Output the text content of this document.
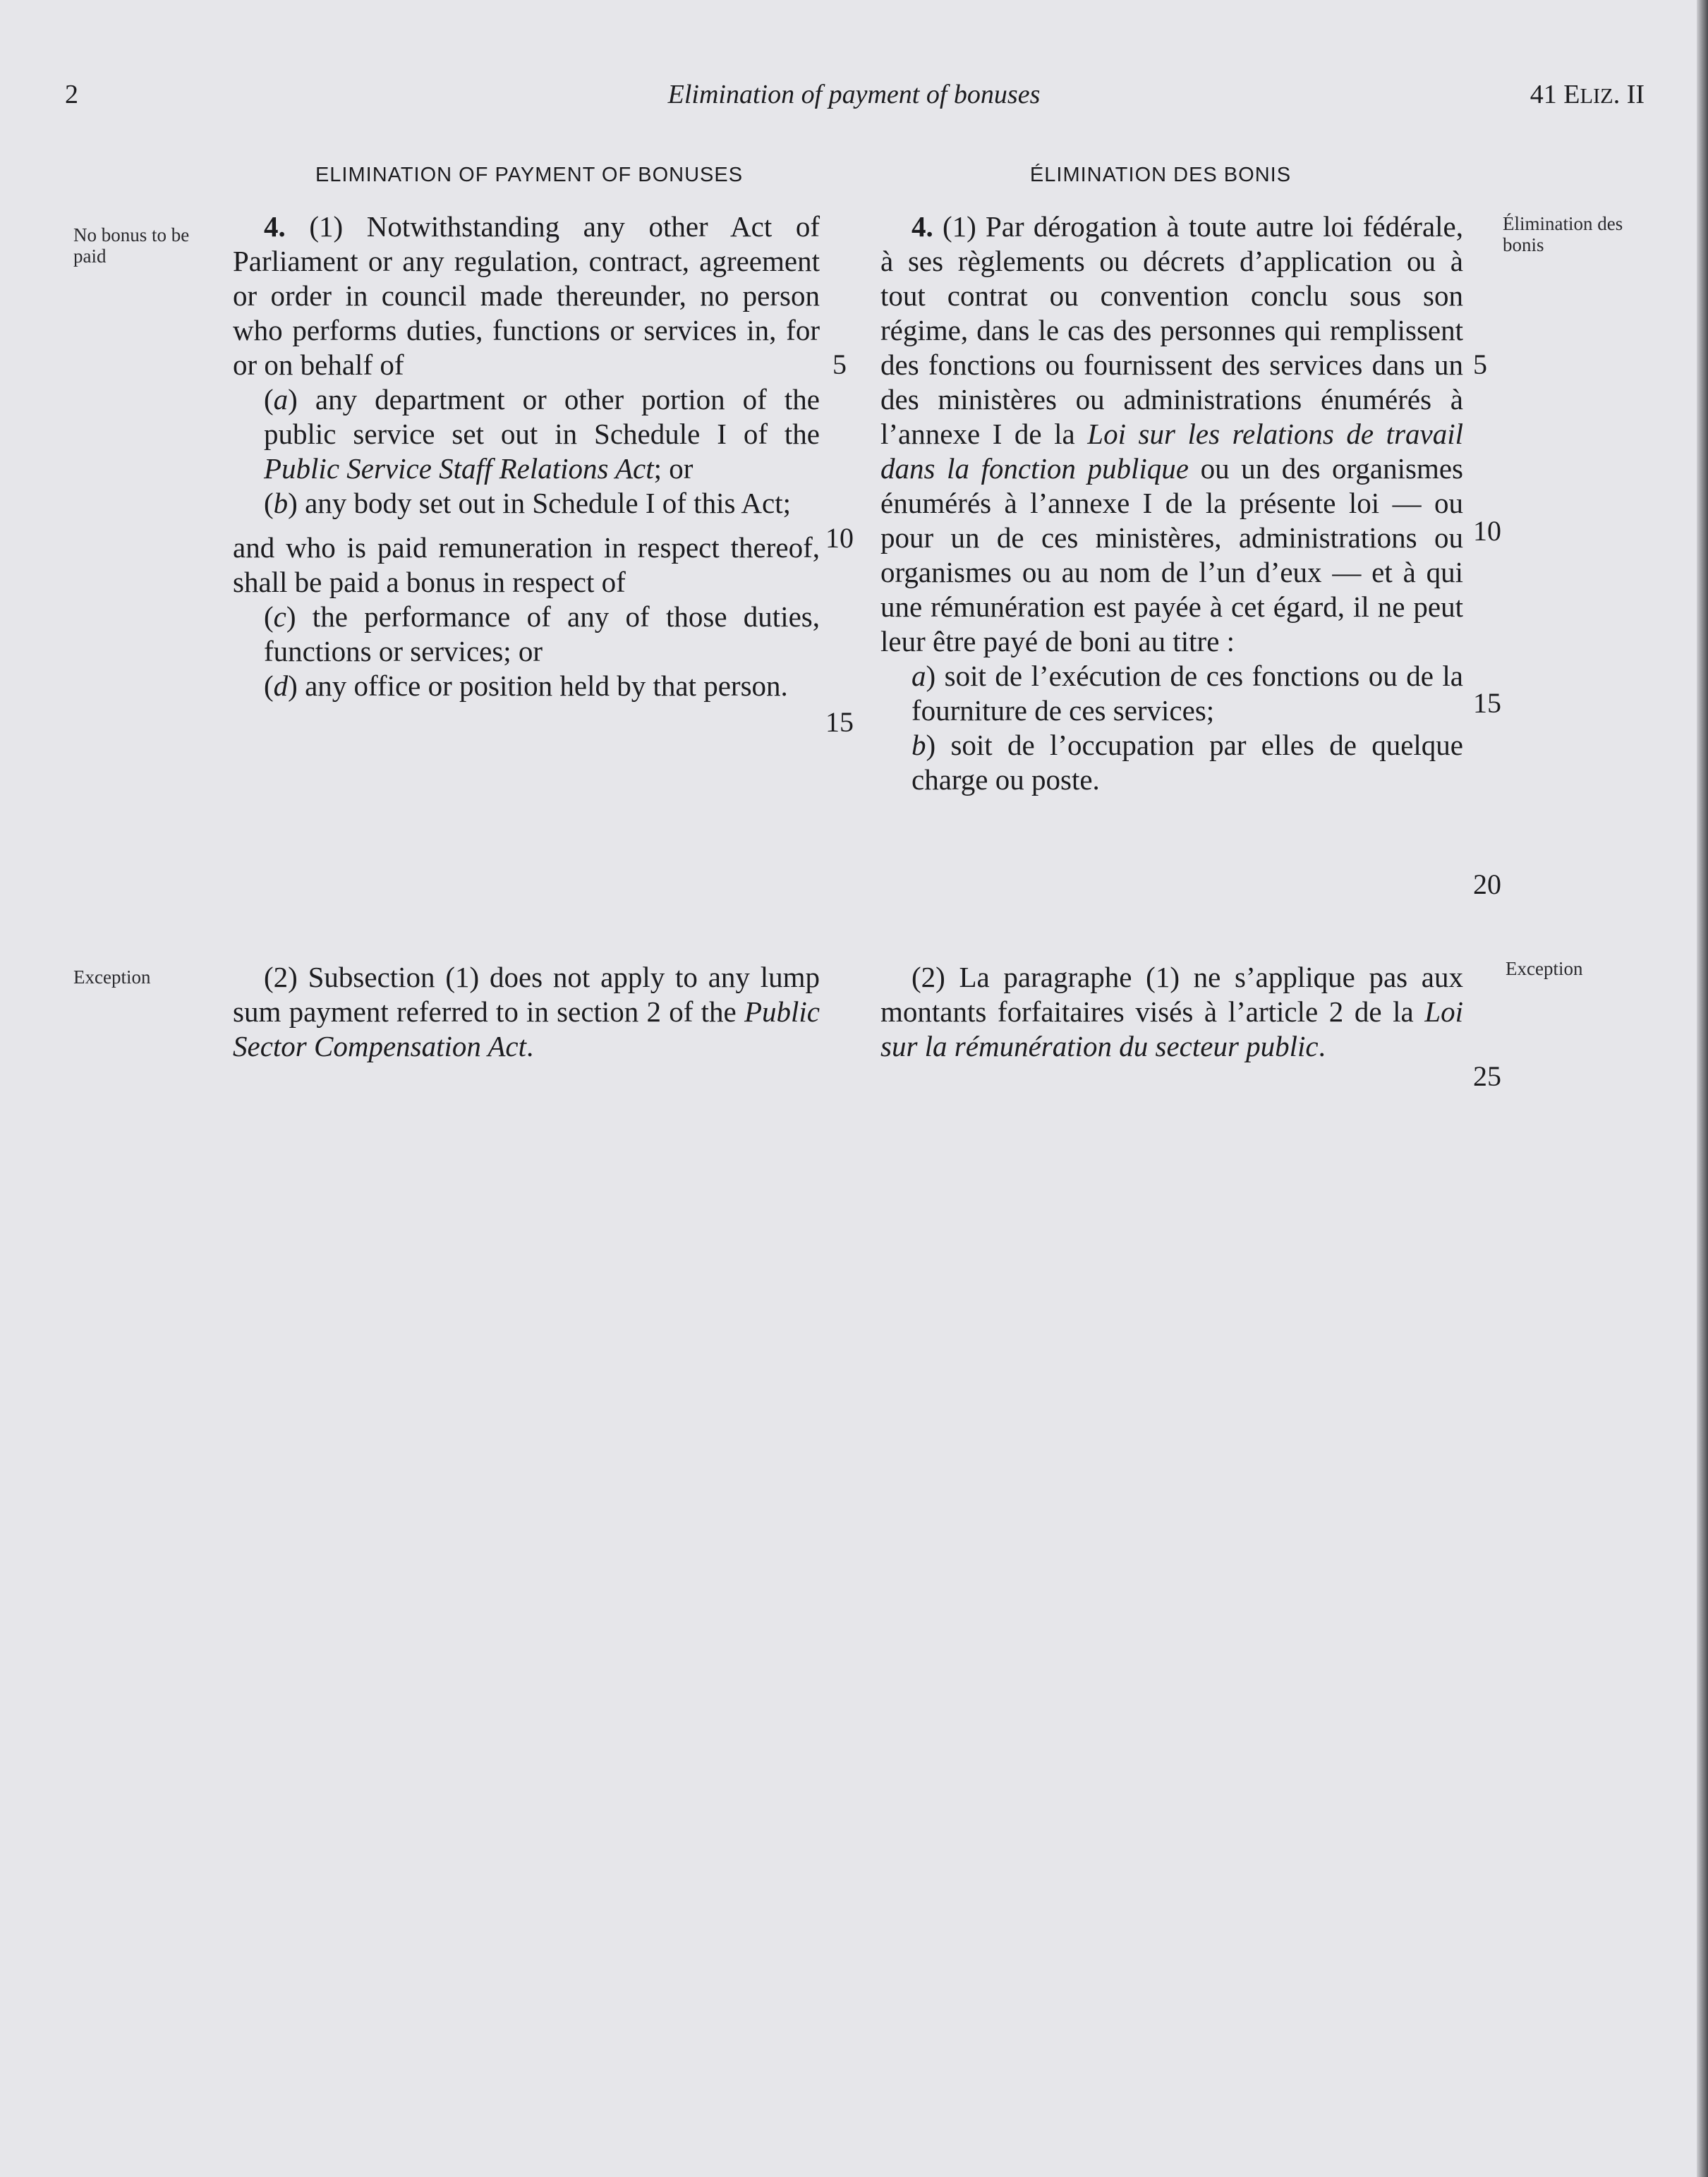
2	Elimination of payment of bonuses	41 ELIZ. II
ELIMINATION OF PAYMENT OF BONUSES	ÉLIMINATION DES BONIS
No bonus to be paid
Exception
Élimination des bonis
Exception

4. (1) Notwithstanding any other Act of Parliament or any regulation, contract, agreement or order in council made thereunder, no person who performs duties, functions or services in, for or on behalf of

(a) any department or other portion of the public service set out in Schedule I of the Public Service Staff Relations Act; or

(b) any body set out in Schedule I of this Act;

and who is paid remuneration in respect thereof, shall be paid a bonus in respect of

(c) the performance of any of those duties, functions or services; or

(d) any office or position held by that person.

4. (1) Par dérogation à toute autre loi fédérale, à ses règlements ou décrets d’application ou à tout contrat ou convention conclu sous son régime, dans le cas des personnes qui remplissent des fonctions ou fournissent des services dans un des ministères ou administrations énumérés à l’annexe I de la Loi sur les relations de travail dans la fonction publique ou un des organismes énumérés à l’annexe I de la présente loi — ou pour un de ces ministères, administrations ou organismes ou au nom de l’un d’eux — et à qui une rémunération est payée à cet égard, il ne peut leur être payé de boni au titre :

a) soit de l’exécution de ces fonctions ou de la fourniture de ces services;

b) soit de l’occupation par elles de quelque charge ou poste.

(2) Subsection (1) does not apply to any lump sum payment referred to in section 2 of the Public Sector Compensation Act.

(2) La paragraphe (1) ne s’applique pas aux montants forfaitaires visés à l’article 2 de la Loi sur la rémunération du secteur public.

5
10
15
5
10
15
20
25
